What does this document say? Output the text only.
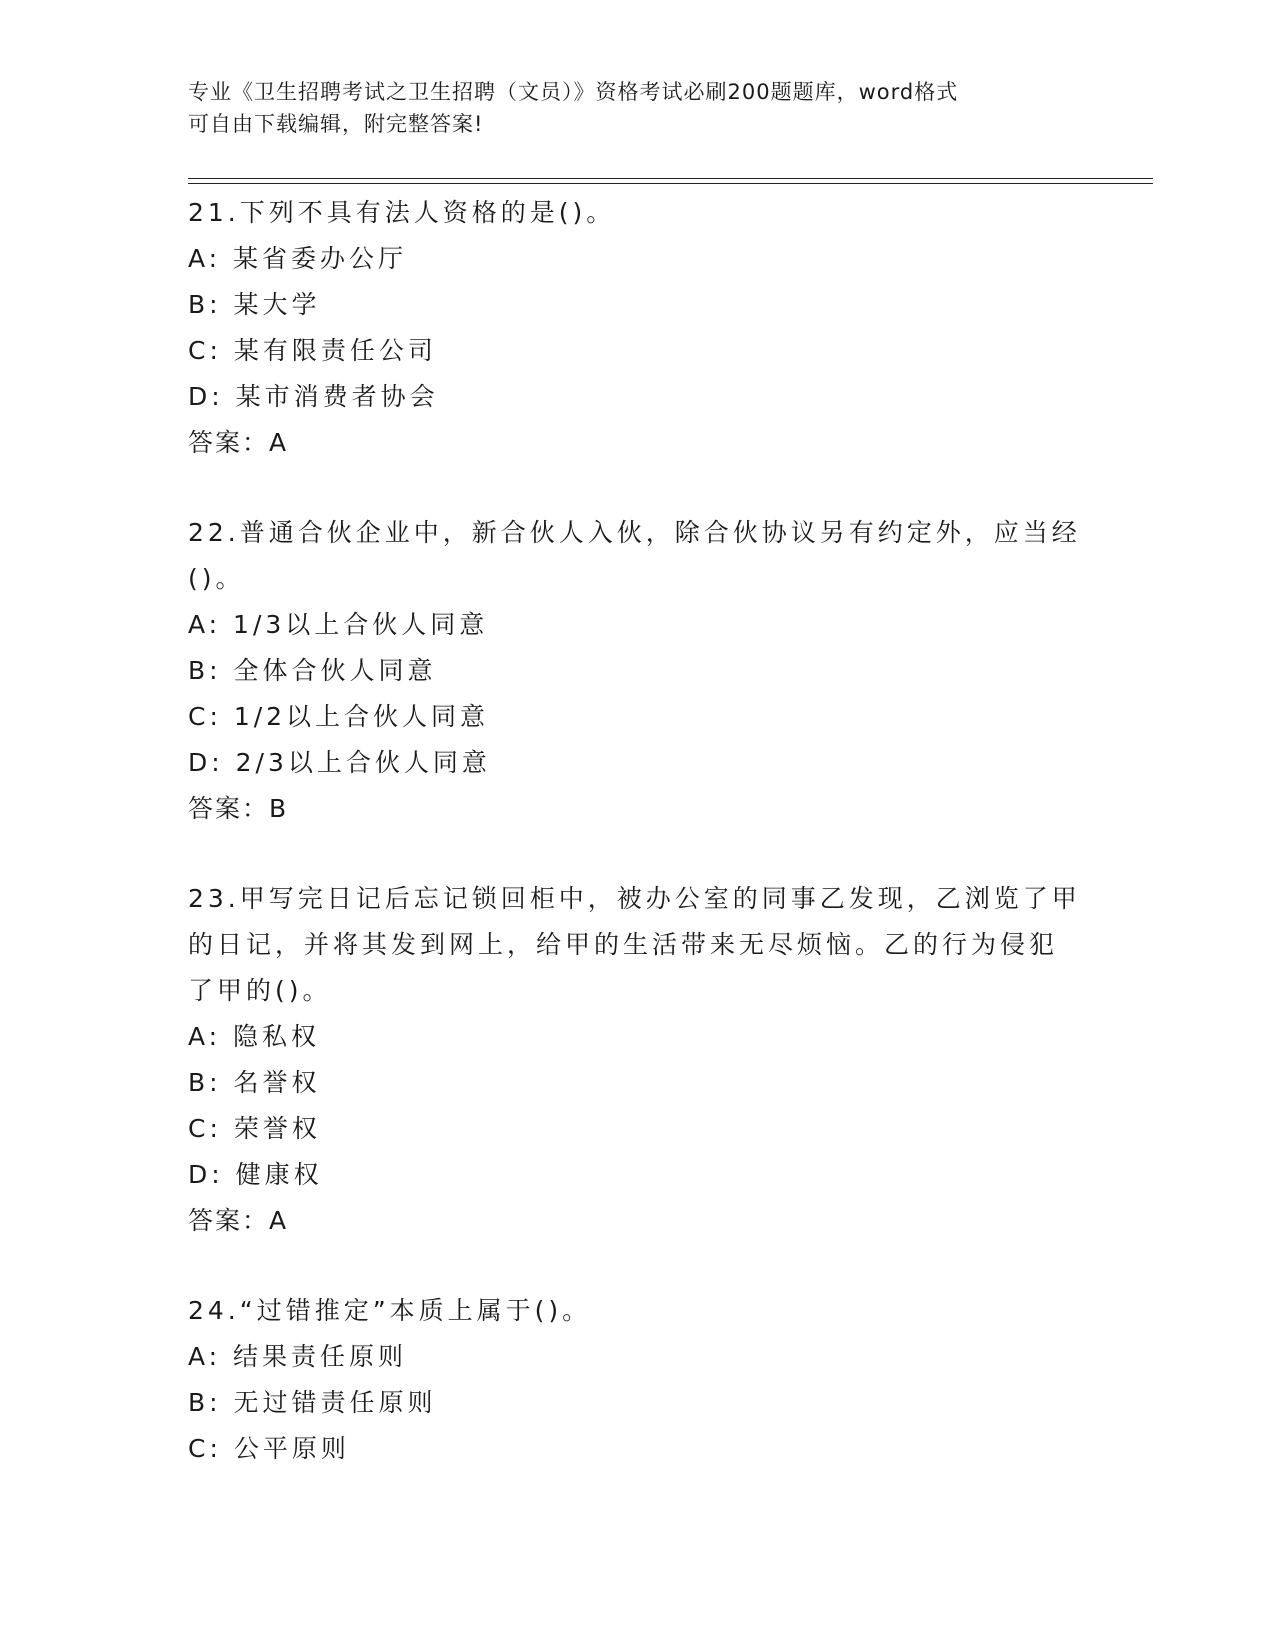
专业《卫生招聘考试之卫生招聘（文员）》资格考试必刷200题题库，word格式
可自由下载编辑，附完整答案!
21.下列不具有法人资格的是()。
A: 某省委办公厅
B: 某大学
C: 某有限责任公司
D: 某市消费者协会
答案：A
22.普通合伙企业中，新合伙人入伙，除合伙协议另有约定外，应当经
()。
A: 1/3以上合伙人同意
B: 全体合伙人同意
C: 1/2以上合伙人同意
D: 2/3以上合伙人同意
答案：B
23.甲写完日记后忘记锁回柜中，被办公室的同事乙发现，乙浏览了甲
的日记，并将其发到网上，给甲的生活带来无尽烦恼。乙的行为侵犯
了甲的()。
A: 隐私权
B: 名誉权
C: 荣誉权
D: 健康权
答案：A
24.“过错推定”本质上属于()。
A: 结果责任原则
B: 无过错责任原则
C: 公平原则
